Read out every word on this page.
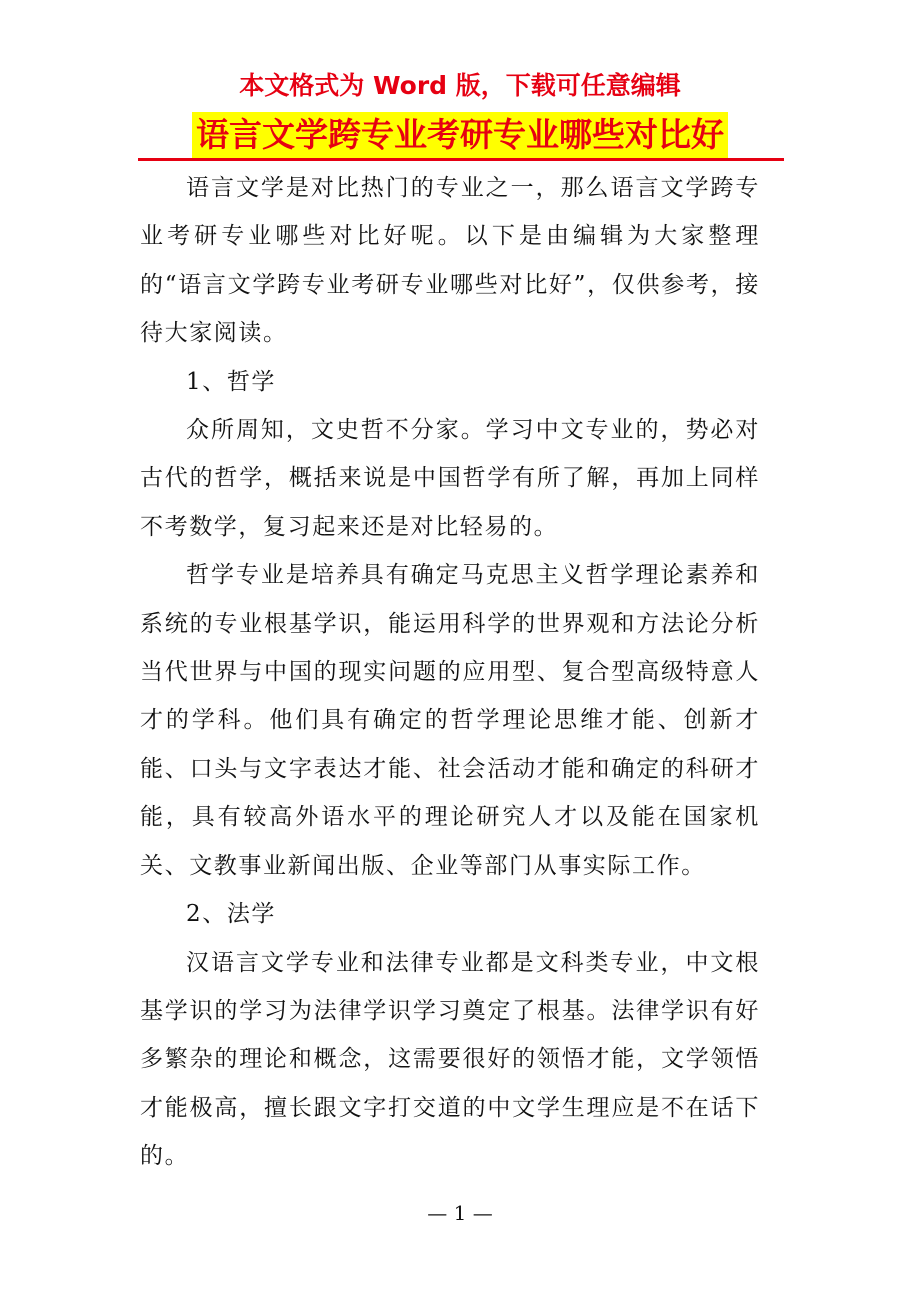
本文格式为 Word 版，下载可任意编辑
语言文学跨专业考研专业哪些对比好

语言文学是对比热门的专业之一，那么语言文学跨专业考研专业哪些对比好呢。以下是由编辑为大家整理的“语言文学跨专业考研专业哪些对比好”，仅供参考，接待大家阅读。

1、哲学

众所周知，文史哲不分家。学习中文专业的，势必对古代的哲学，概括来说是中国哲学有所了解，再加上同样不考数学，复习起来还是对比轻易的。

哲学专业是培养具有确定马克思主义哲学理论素养和系统的专业根基学识，能运用科学的世界观和方法论分析当代世界与中国的现实问题的应用型、复合型高级特意人才的学科。他们具有确定的哲学理论思维才能、创新才能、口头与文字表达才能、社会活动才能和确定的科研才能，具有较高外语水平的理论研究人才以及能在国家机关、文教事业新闻出版、企业等部门从事实际工作。

2、法学

汉语言文学专业和法律专业都是文科类专业，中文根基学识的学习为法律学识学习奠定了根基。法律学识有好多繁杂的理论和概念，这需要很好的领悟才能，文学领悟才能极高，擅长跟文字打交道的中文学生理应是不在话下的。

— 1 —
